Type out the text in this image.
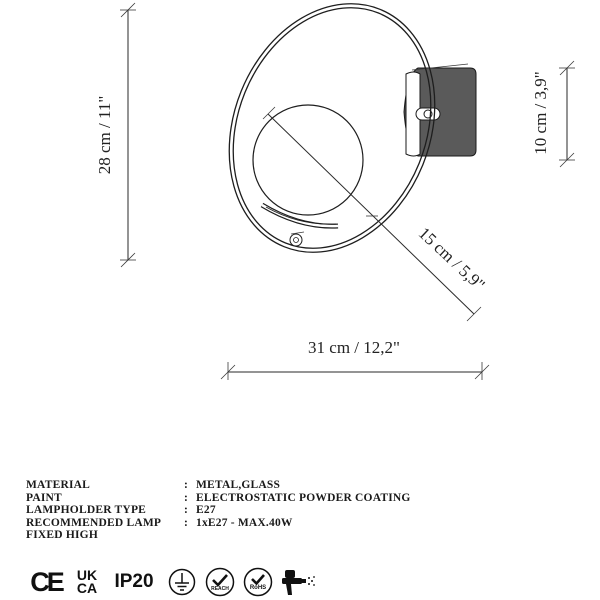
28 cm / 11"	10 cm / 3,9"
15 cm / 5,9"
31 cm / 12,2"
MATERIAL	: METAL,GLASS
PAINT	: ELECTROSTATIC POWDER COATING
LAMPHOLDER TYPE	: E27
RECOMMENDED LAMP	: 1xE27 - MAX.40W
FIXED HIGH
CE UK
CA IP20	REACH	RoHS
